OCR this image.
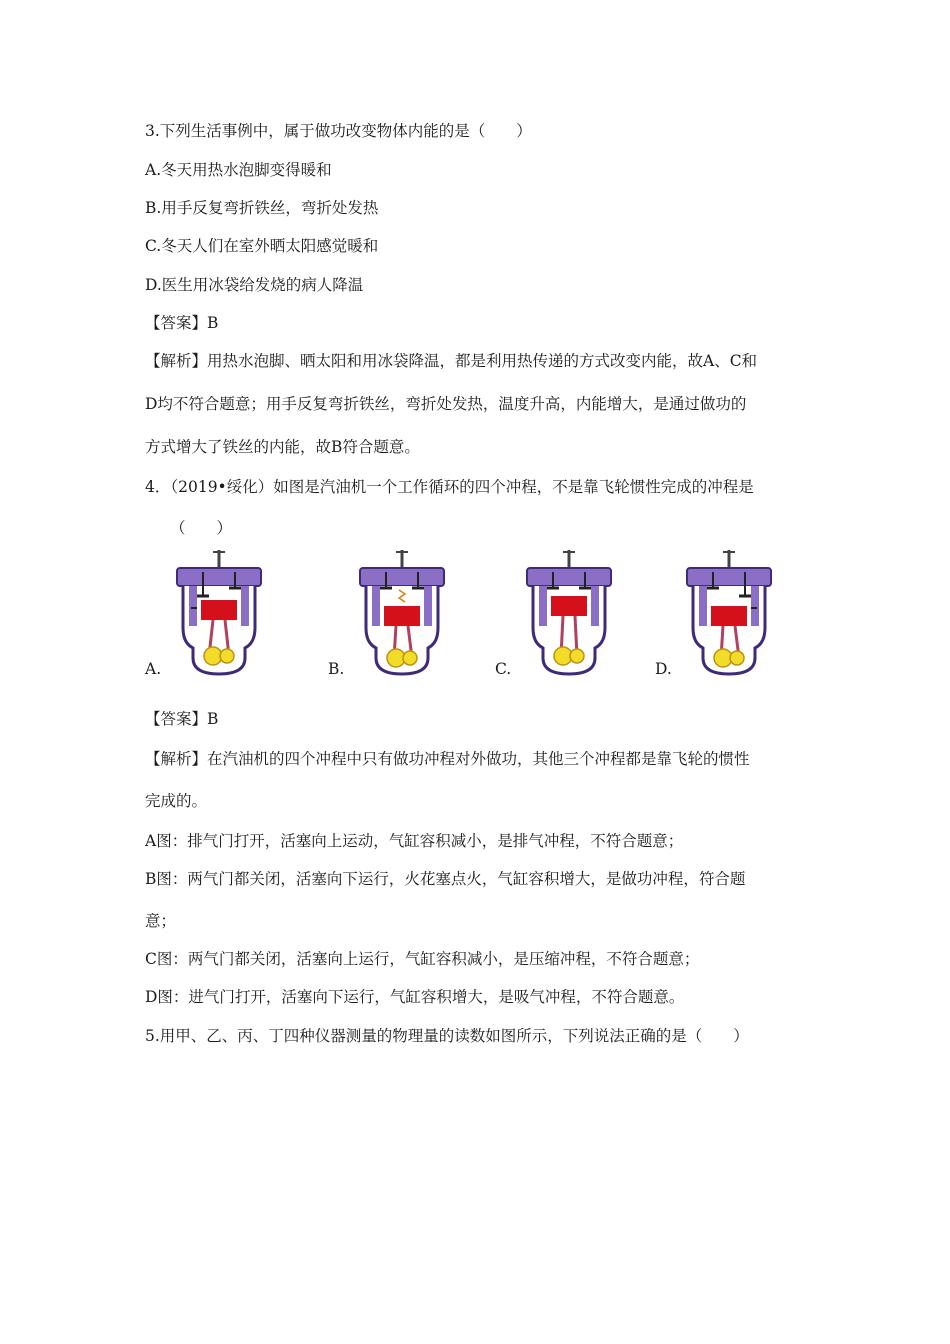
3.下列生活事例中，属于做功改变物体内能的是（　　）
A.冬天用热水泡脚变得暖和
B.用手反复弯折铁丝，弯折处发热
C.冬天人们在室外晒太阳感觉暖和
D.医生用冰袋给发烧的病人降温
【答案】B
【解析】用热水泡脚、晒太阳和用冰袋降温，都是利用热传递的方式改变内能，故A、C和
D均不符合题意；用手反复弯折铁丝，弯折处发热，温度升高，内能增大，是通过做功的
方式增大了铁丝的内能，故B符合题意。
4．（2019•绥化）如图是汽油机一个工作循环的四个冲程，不是靠飞轮惯性完成的冲程是
（　　）
A.	B.	C.	D.
【答案】B
【解析】在汽油机的四个冲程中只有做功冲程对外做功，其他三个冲程都是靠飞轮的惯性
完成的。
A图：排气门打开，活塞向上运动，气缸容积减小，是排气冲程，不符合题意；
B图：两气门都关闭，活塞向下运行，火花塞点火，气缸容积增大，是做功冲程，符合题
意；
C图：两气门都关闭，活塞向上运行，气缸容积减小，是压缩冲程，不符合题意；
D图：进气门打开，活塞向下运行，气缸容积增大，是吸气冲程，不符合题意。
5.用甲、乙、丙、丁四种仪器测量的物理量的读数如图所示，下列说法正确的是（　　）
